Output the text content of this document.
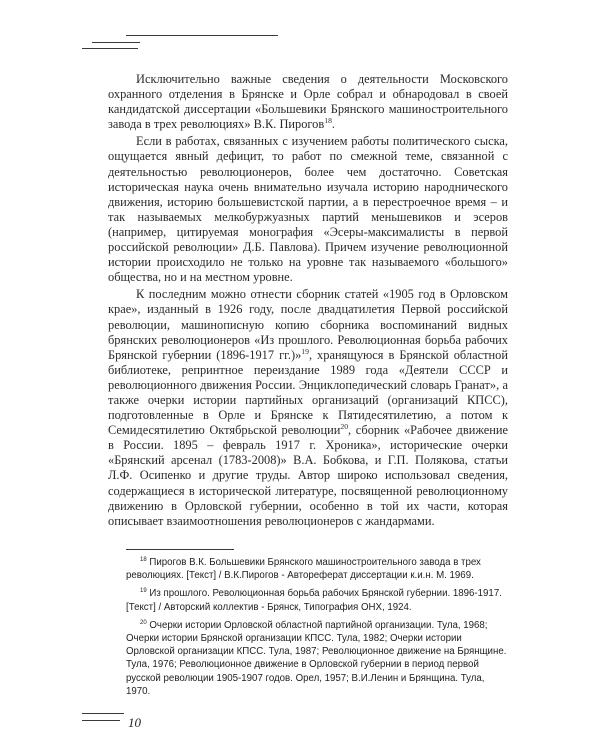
Исключительно важные сведения о деятельности Московского охранного отделения в Брянске и Орле собрал и обнародовал в своей кандидатской диссертации «Большевики Брянского машиностроительного завода в трех революциях» В.К. Пирогов$^{18}$.

Если в работах, связанных с изучением работы политического сыска, ощущается явный дефицит, то работ по смежной теме, связанной с деятельностью революционеров, более чем достаточно. Советская историческая наука очень внимательно изучала историю народнического движения, историю большевистской партии, а в перестроечное время – и так называемых мелкобуржуазных партий меньшевиков и эсеров (например, цитируемая монография «Эсеры-максималисты в первой российской революции» Д.Б. Павлова). Причем изучение революционной истории происходило не только на уровне так называемого «большого» общества, но и на местном уровне.

К последним можно отнести сборник статей «1905 год в Орловском крае», изданный в 1926 году, после двадцатилетия Первой российской революции, машинописную копию сборника воспоминаний видных брянских революционеров «Из прошлого. Революционная борьба рабочих Брянской губернии (1896-1917 гг.)»$^{19}$, хранящуюся в Брянской областной библиотеке, репринтное переиздание 1989 года «Деятели СССР и революционного движения России. Энциклопедический словарь Гранат», а также очерки истории партийных организаций (организаций КПСС), подготовленные в Орле и Брянске к Пятидесятилетию, а потом к Семидесятилетию Октябрьской революции$^{20}$, сборник «Рабочее движение в России. 1895 – февраль 1917 г. Хроника», исторические очерки «Брянский арсенал (1783-2008)» В.А. Бобкова, и Г.П. Полякова, статьи Л.Ф. Осипенко и другие труды. Автор широко использовал сведения, содержащиеся в исторической литературе, посвященной революционному движению в Орловской губернии, особенно в той их части, которая описывает взаимоотношения революционеров с жандармами.

$^{18}$ Пирогов В.К. Большевики Брянского машиностроительного завода в трех революциях. [Текст] / В.К.Пирогов - Автореферат диссертации к.и.н. М. 1969.

$^{19}$ Из прошлого. Революционная борьба рабочих Брянской губернии. 1896-1917. [Текст] / Авторский коллектив - Брянск, Типография ОНХ, 1924.

$^{20}$ Очерки истории Орловской областной партийной организации. Тула, 1968; Очерки истории Брянской организации КПСС. Тула, 1982; Очерки истории Орловской организации КПСС. Тула, 1987; Революционное движение на Брянщине. Тула, 1976; Революционное движение в Орловской губернии в период первой русской революции 1905-1907 годов. Орел, 1957; В.И.Ленин и Брянщина. Тула, 1970.

10
